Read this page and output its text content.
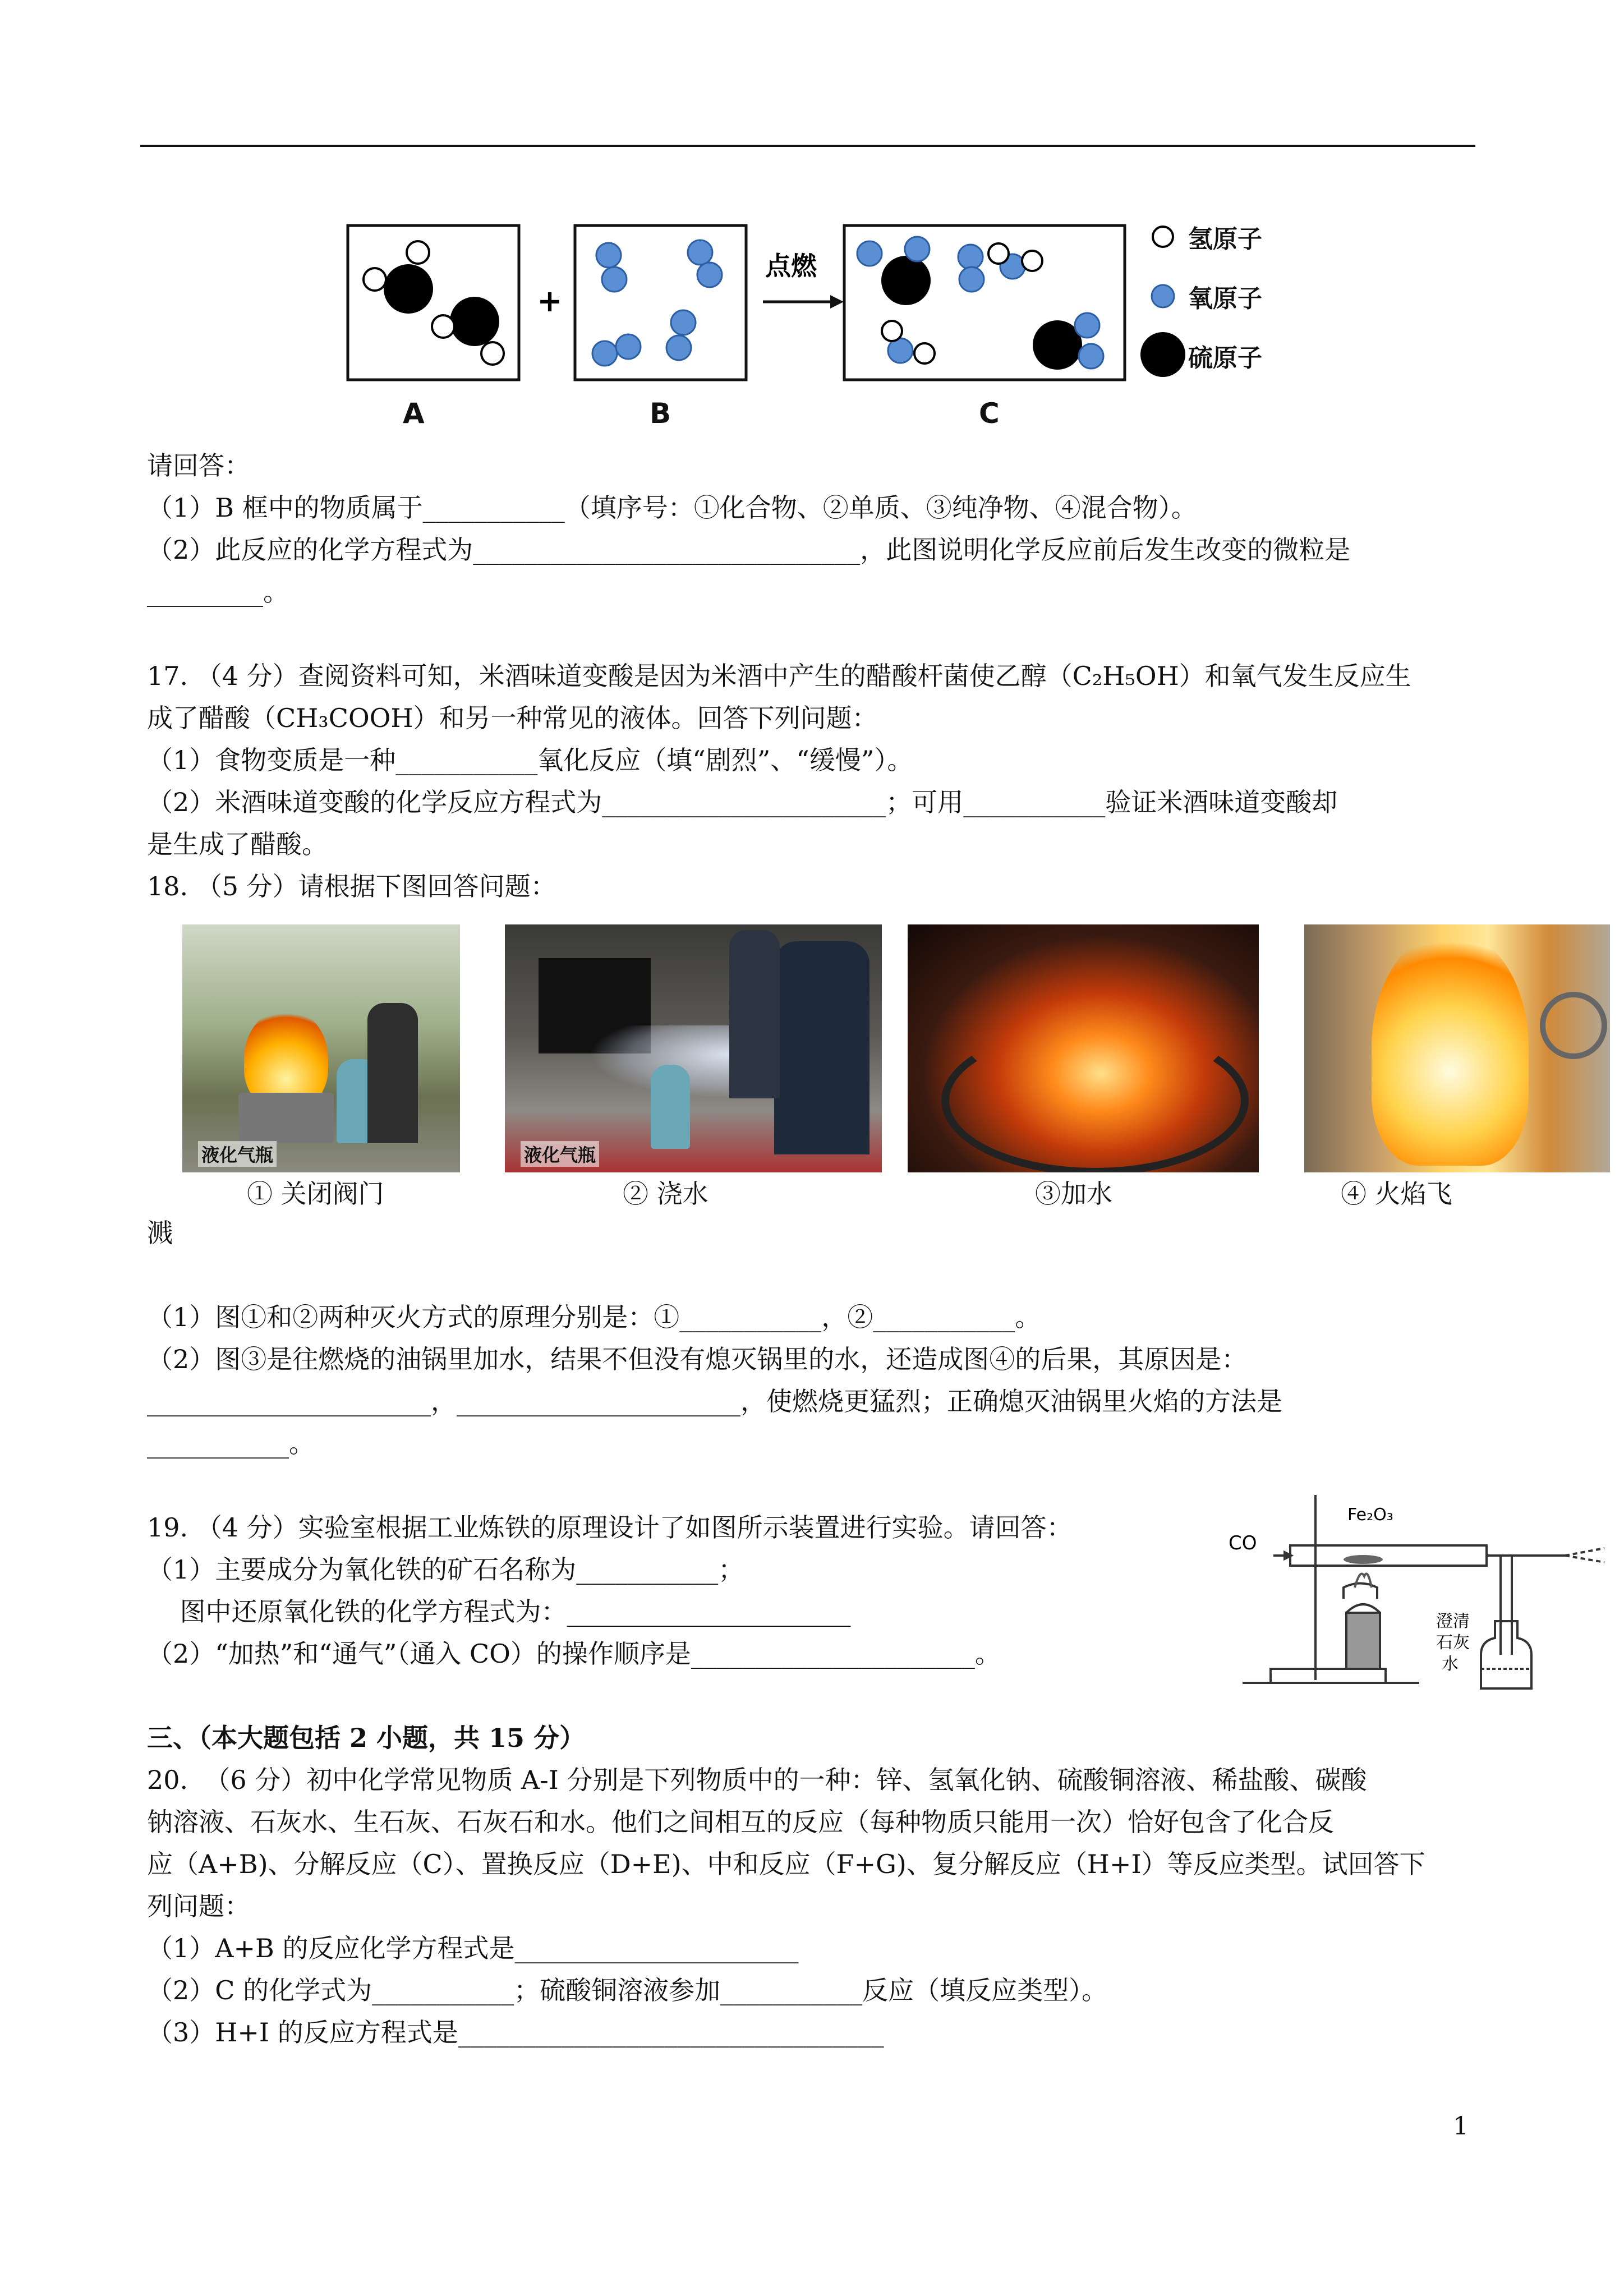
+
点燃
氢原子
氧原子
硫原子
A	B	C
请回答：
（1）B 框中的物质属于___________（填序号：①化合物、②单质、③纯净物、④混合物）。
（2）此反应的化学方程式为______________________________，此图说明化学反应前后发生改变的微粒是
_________。
17. （4 分）查阅资料可知，米酒味道变酸是因为米酒中产生的醋酸杆菌使乙醇（C₂H₅OH）和氧气发生反应生
成了醋酸（CH₃COOH）和另一种常见的液体。回答下列问题：
（1）食物变质是一种___________氧化反应（填“剧烈”、“缓慢”）。
（2）米酒味道变酸的化学反应方程式为______________________；可用___________验证米酒味道变酸却
是生成了醋酸。
18. （5 分）请根据下图回答问题：
液化气瓶	液化气瓶
① 关闭阀门	② 浇水	③加水	④ 火焰飞
溅
（1）图①和②两种灭火方式的原理分别是：①___________，②___________。
（2）图③是往燃烧的油锅里加水，结果不但没有熄灭锅里的水，还造成图④的后果，其原因是：
______________________，______________________，使燃烧更猛烈；正确熄灭油锅里火焰的方法是
___________。
19. （4 分）实验室根据工业炼铁的原理设计了如图所示装置进行实验。请回答：
（1）主要成分为氧化铁的矿石名称为___________；
图中还原氧化铁的化学方程式为：______________________
（2）“加热”和“通气”（通入 CO）的操作顺序是______________________。
CO
Fe₂O₃
澄清
石灰
水
三、（本大题包括 2 小题，共 15 分）
20.  （6 分）初中化学常见物质 A-I 分别是下列物质中的一种：锌、氢氧化钠、硫酸铜溶液、稀盐酸、碳酸
钠溶液、石灰水、生石灰、石灰石和水。他们之间相互的反应（每种物质只能用一次）恰好包含了化合反
应（A+B)、分解反应（C）、置换反应（D+E)、中和反应（F+G)、复分解反应（H+I）等反应类型。试回答下
列问题：
（1）A+B 的反应化学方程式是______________________
（2）C 的化学式为___________；硫酸铜溶液参加___________反应（填反应类型）。
（3）H+I 的反应方程式是_________________________________
1
